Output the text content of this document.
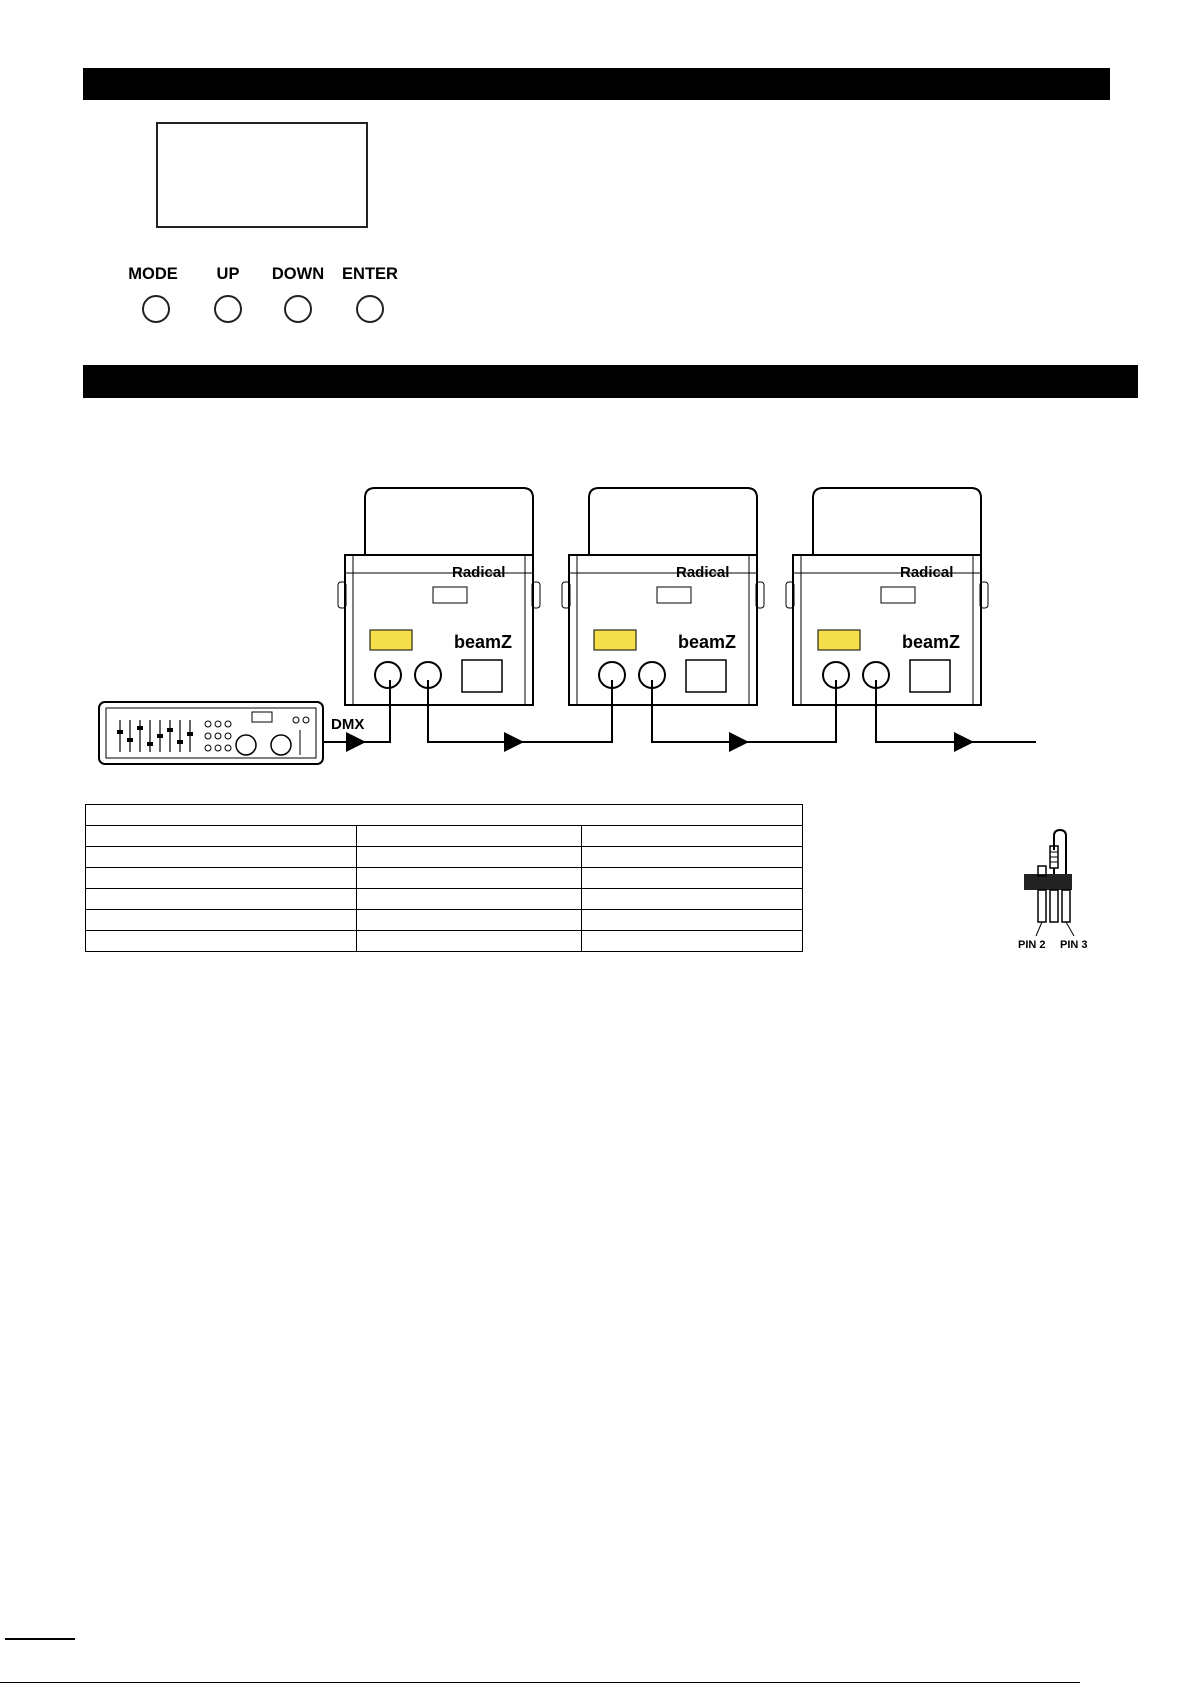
MODE	UP	DOWN	ENTER
Radical
beamZ
Radical
beamZ
Radical
beamZ
DMX

PIN 2 PIN 3
